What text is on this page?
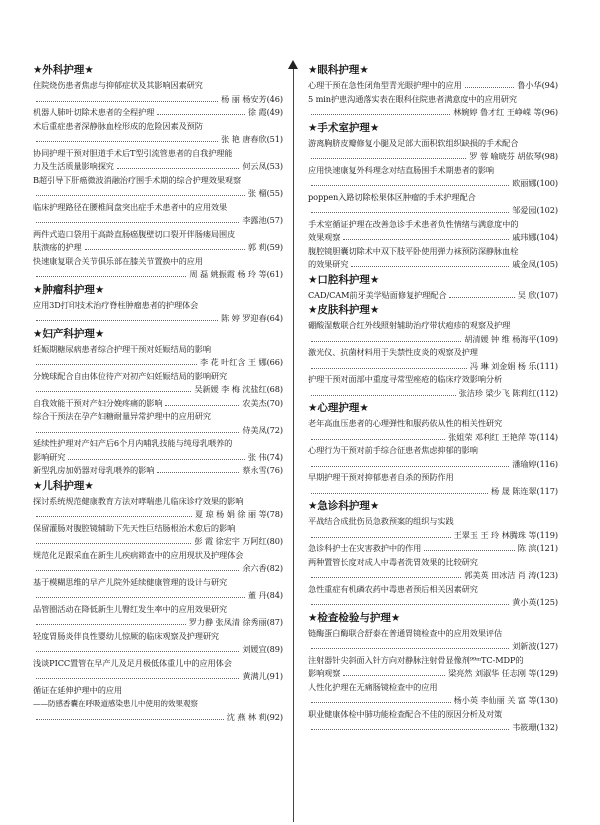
★外科护理★
住院烧伤患者焦虑与抑郁症状及其影响因素研究
杨 丽 杨安芳(46)
机器人肺叶切除术患者的全程护理	徐 霞(49)
术后重症患者深静脉血栓形成的危险因素及预防
张 艳 唐春欣(51)
协同护理干预对胆道手术后T型引流管患者的自我护理能
力及生活质量影响探究	何云凤(53)
B超引导下肝癌微波消融治疗围手术期的综合护理效果观察
张 榴(55)
临床护理路径在腰椎间盘突出症手术患者中的应用效果
李露池(57)
两件式造口袋用于高龄直肠癌腹壁切口裂开伴肠瘘局围皮
肤溃疡的护理	郭 莉(59)
快速康复联合关节俱乐部在膝关节置换中的应用
周 磊 姚振霞 杨 玲 等(61)
★肿瘤科护理★
应用3D打印技术治疗脊柱肿瘤患者的护理体会
陈 婷 罗迎春(64)
★妇产科护理★
妊娠期糖尿病患者综合护理干预对妊娠结局的影响
李 花 叶红含 王 娜(66)
分娩球配合自由体位待产对初产妇妊娠结局的影响研究
吴新媛 李 梅 沈盐红(68)
自我效能干预对产妇分娩疼痛的影响	农美杰(70)
综合干预法在孕产妇糖耐量异常护理中的应用研究
侍美凤(72)
延续性护理对产妇产后6个月内哺乳技能与纯母乳喂养的
影响研究	张 伟(74)
新型乳房加奶器对母乳喂养的影响	蔡永雪(76)
★儿科护理★
探讨系统规范健康教育方法对哮喘患儿临床诊疗效果的影响
夏 琼 杨 娟 徐 丽 等(78)
保留灌肠对腹腔镜辅助下先天性巨结肠根治术愈后的影响
彭 霞 徐宏宇 万阿红(80)
规范化足跟采血在新生儿疾病筛查中的应用现状及护理体会
余六香(82)
基于模糊思维的早产儿院外延续健康管理的设计与研究
董 丹(84)
品管圈活动在降低新生儿臀红发生率中的应用效果研究
罗力静 张凤清 徐秀丽(87)
轻度胃肠炎伴良性婴幼儿惊厥的临床观察及护理研究
刘媛宜(89)
浅谈PICC置管在早产儿及足月极低体重儿中的应用体会
黄满儿(91)
循证在延伸护理中的应用
——防感香囊在呼吸道感染患儿中使用的效果观察
沈 燕 林 莉(92)
★眼科护理★
心理干预在急性闭角型青光眼护理中的应用	鲁小华(94)
5 min护患沟通落实表在眼科住院患者满意度中的应用研究
林婉婷 鲁才红 王峥嵘 等(96)
★手术室护理★
游离胸脐皮瓣修复小腿及足部大面积软组织缺损的手术配合
罗 蓉 喻晓芬 胡依琴(98)
应用快速康复外科理念对结直肠围手术期患者的影响
欧丽娜(100)
poppen入路切除松果体区肿瘤的手术护理配合
邹爱园(102)
手术室循证护理在改善急诊手术患者负性情绪与满意度中的
效果观察	戚玮娜(104)
腹腔镜胆囊切除术中双下肢平卧使用弹力袜预防深静脉血栓
的效果研究	戚金凤(105)
★口腔科护理★
CAD/CAM前牙美学贴面修复护理配合	吴 欣(107)
★皮肤科护理★
硼酸湿敷联合红外线照射辅助治疗带状疱疹的观察及护理
胡清媛 钟 维 杨海平(109)
激光仪、抗菌材料用于失禁性皮炎的观察及护理
冯 琳 刘金娟 杨 乐(111)
护理干预对面部中重度寻常型痤疮的临床疗效影响分析
张洁珍 梁少飞 陈莉红(112)
★心理护理★
老年高血压患者的心理弹性和服药依从性的相关性研究
张姐荣 邓利红 王艳萍 等(114)
心理行为干预对前手综合征患者焦虑抑郁的影响
潘瑜婷(116)
早期护理干预对抑郁患者自杀的预防作用
杨 晟 陈连翠(117)
★急诊科护理★
平战结合成批伤员急救预案的组织与实践
王翠玉 王 玲 林腾珠 等(119)
急诊科护士在灾害救护中的作用	陈 滨(121)
两种置管长度对成人中毒者洗胃效果的比较研究
郭美英 田冰洁 肖 涛(123)
急性重症有机磷农药中毒患者预后相关因素研究
黄小英(125)
★检查检验与护理★
链酶蛋白酶联合舒泰在普通胃镜检查中的应用效果评估
刘新波(127)
注射器针尖斜面入针方向对静脉注射骨显像剂⁹⁹ᵐTC-MDP的
影响观察	梁亮然 刘淑华 任志刚 等(129)
人性化护理在无痛肠镜检查中的应用
杨小英 李仙丽 关 富 等(130)
职业健康体检中肺功能检查配合不佳的原因分析及对策
韦筱珊(132)
